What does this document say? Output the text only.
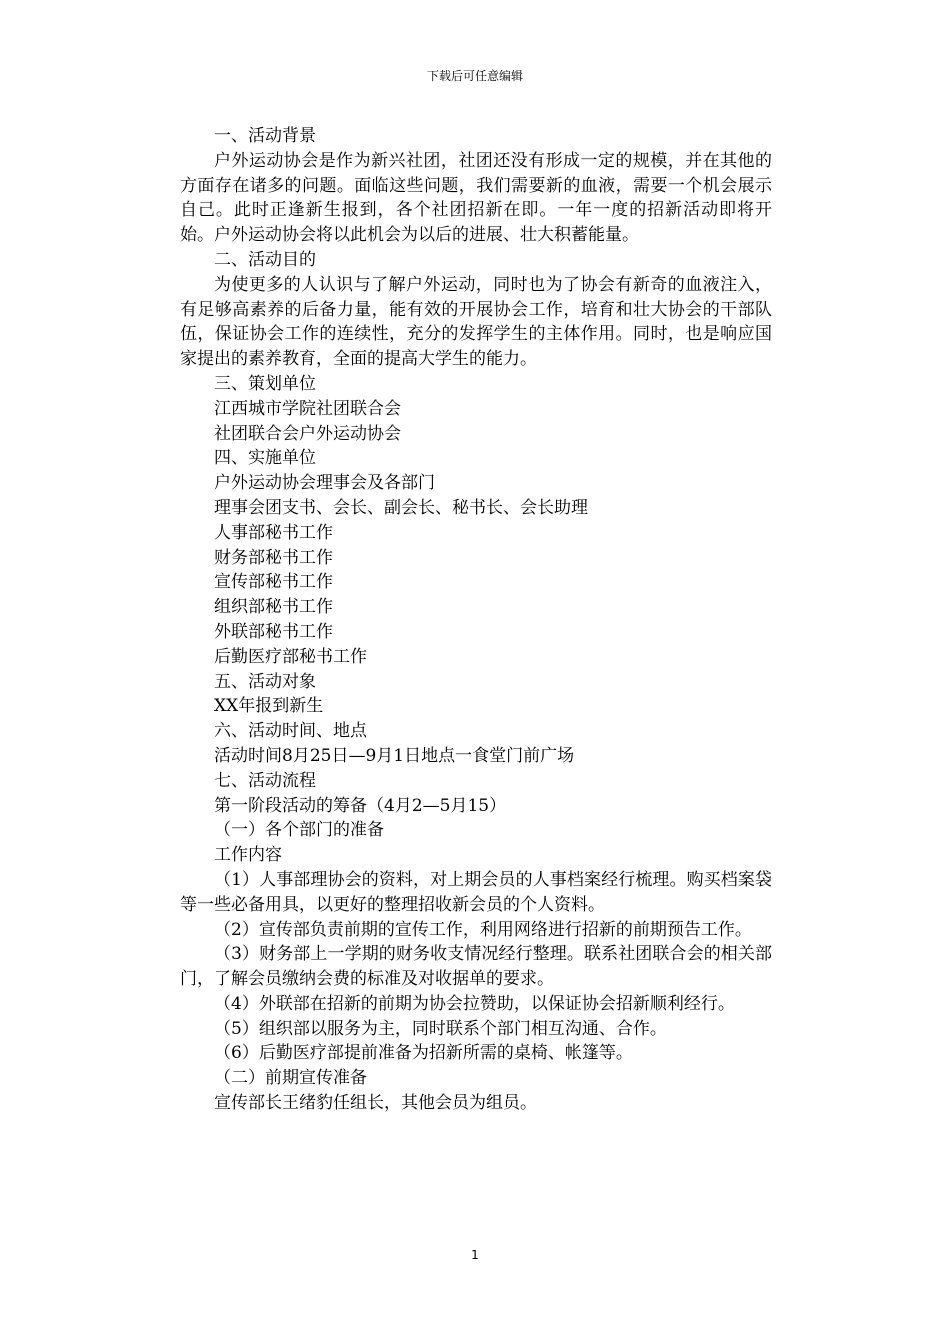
下载后可任意编辑

一、活动背景

户外运动协会是作为新兴社团，社团还没有形成一定的规模，并在其他的方面存在诸多的问题。面临这些问题，我们需要新的血液，需要一个机会展示自己。此时正逢新生报到，各个社团招新在即。一年一度的招新活动即将开始。户外运动协会将以此机会为以后的进展、壮大积蓄能量。

二、活动目的

为使更多的人认识与了解户外运动，同时也为了协会有新奇的血液注入，有足够高素养的后备力量，能有效的开展协会工作，培育和壮大协会的干部队伍，保证协会工作的连续性，充分的发挥学生的主体作用。同时，也是响应国家提出的素养教育，全面的提高大学生的能力。

三、策划单位

江西城市学院社团联合会

社团联合会户外运动协会

四、实施单位

户外运动协会理事会及各部门

理事会团支书、会长、副会长、秘书长、会长助理

人事部秘书工作

财务部秘书工作

宣传部秘书工作

组织部秘书工作

外联部秘书工作

后勤医疗部秘书工作

五、活动对象

XX年报到新生

六、活动时间、地点

活动时间8月25日—9月1日地点一食堂门前广场

七、活动流程

第一阶段活动的筹备（4月2—5月15）

（一）各个部门的准备

工作内容

（1）人事部理协会的资料，对上期会员的人事档案经行梳理。购买档案袋等一些必备用具，以更好的整理招收新会员的个人资料。

（2）宣传部负责前期的宣传工作，利用网络进行招新的前期预告工作。

（3）财务部上一学期的财务收支情况经行整理。联系社团联合会的相关部门，了解会员缴纳会费的标准及对收据单的要求。

（4）外联部在招新的前期为协会拉赞助，以保证协会招新顺利经行。

（5）组织部以服务为主，同时联系个部门相互沟通、合作。

（6）后勤医疗部提前准备为招新所需的桌椅、帐篷等。

（二）前期宣传准备

宣传部长王绪豹任组长，其他会员为组员。

1
